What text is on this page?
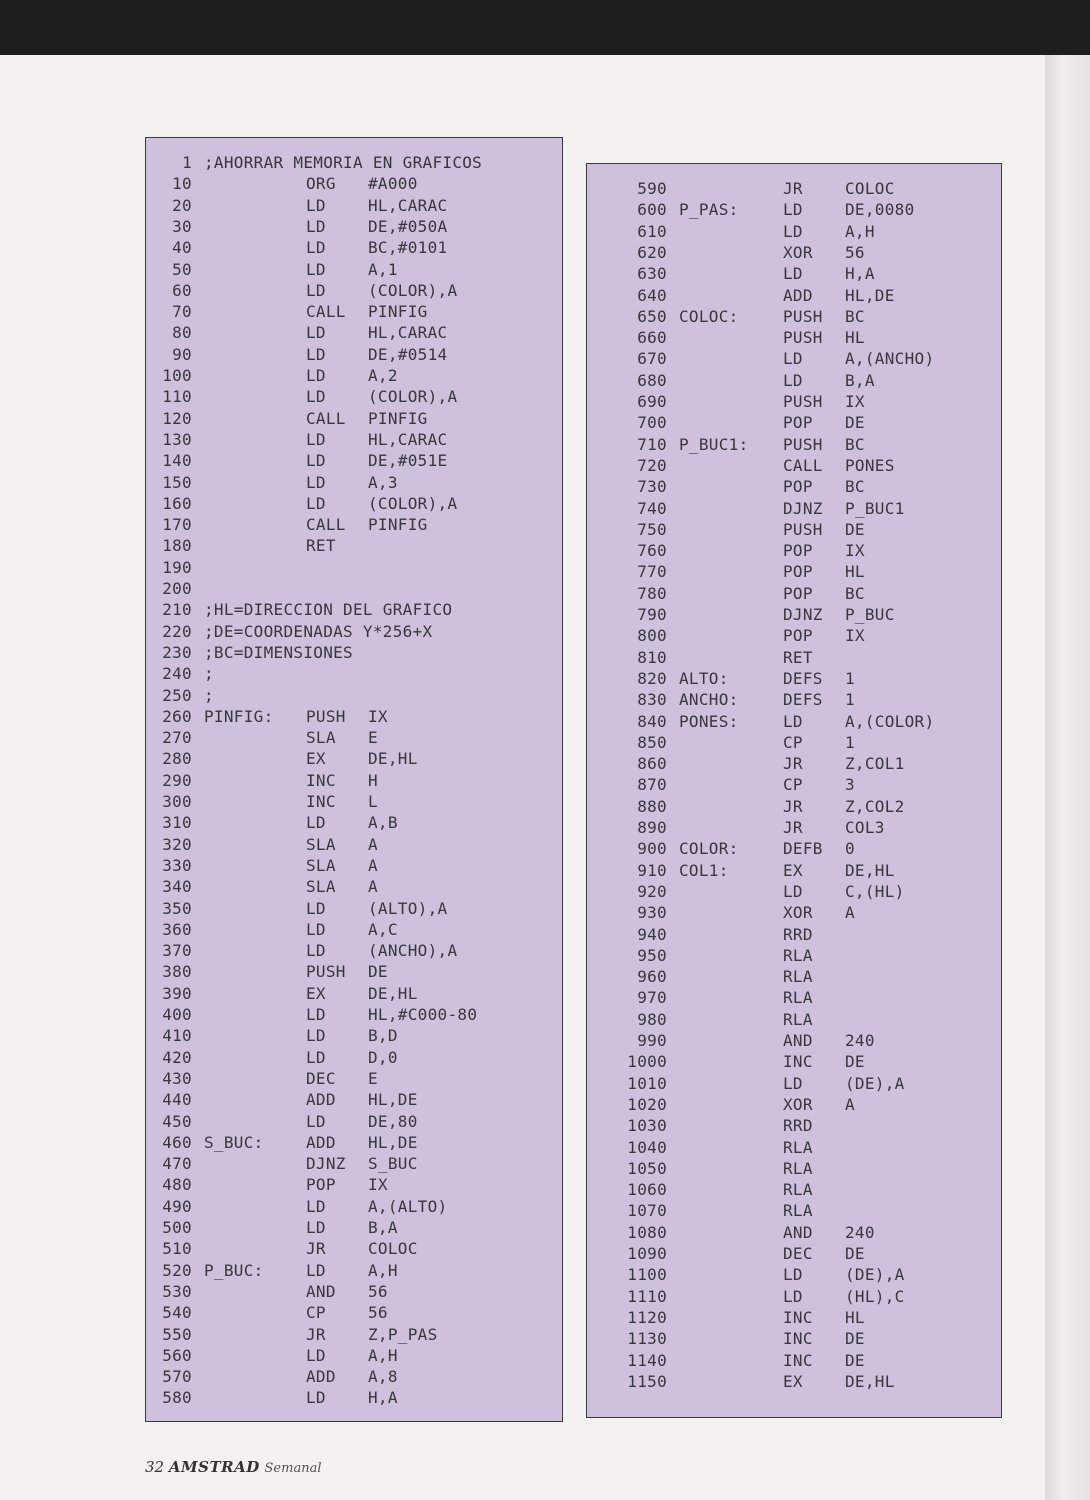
1 ;AHORRAR MEMORIA EN GRAFICOS
10	ORG #A000
20	LD	HL,CARAC
30	LD	DE,#050A
40	LD	BC,#0101
50	LD	A,1
60	LD	(COLOR),A
70	CALL PINFIG
80	LD	HL,CARAC
90	LD	DE,#0514
100	LD	A,2
110	LD	(COLOR),A
120	CALL PINFIG
130	LD	HL,CARAC
140	LD	DE,#051E
150	LD	A,3
160	LD	(COLOR),A
170	CALL PINFIG
180	RET
190
200
210 ;HL=DIRECCION DEL GRAFICO
220 ;DE=COORDENADAS Y*256+X
230 ;BC=DIMENSIONES
240 ;
250 ;
260 PINFIG: PUSH IX
270	SLA E
280	EX	DE,HL
290	INC H
300	INC L
310	LD	A,B
320	SLA A
330	SLA A
340	SLA A
350	LD	(ALTO),A
360	LD	A,C
370	LD	(ANCHO),A
380	PUSH DE
390	EX	DE,HL
400	LD	HL,#C000-80
410	LD	B,D
420	LD	D,0
430	DEC E
440	ADD HL,DE
450	LD	DE,80
460 S_BUC:	ADD HL,DE
470	DJNZ S_BUC
480	POP IX
490	LD	A,(ALTO)
500	LD	B,A
510	JR	COLOC
520 P_BUC:	LD	A,H
530	AND 56
540	CP	56
550	JR	Z,P_PAS
560	LD	A,H
570	ADD A,8
580	LD	H,A
590	JR	COLOC
600 P_PAS:	LD	DE,0080
610	LD	A,H
620	XOR 56
630	LD	H,A
640	ADD HL,DE
650 COLOC:	PUSH BC
660	PUSH HL
670	LD	A,(ANCHO)
680	LD	B,A
690	PUSH IX
700	POP DE
710 P_BUC1: PUSH BC
720	CALL PONES
730	POP BC
740	DJNZ P_BUC1
750	PUSH DE
760	POP IX
770	POP HL
780	POP BC
790	DJNZ P_BUC
800	POP IX
810	RET
820 ALTO:	DEFS 1
830 ANCHO:	DEFS 1
840 PONES:	LD	A,(COLOR)
850	CP	1
860	JR	Z,COL1
870	CP	3
880	JR	Z,COL2
890	JR	COL3
900 COLOR:	DEFB 0
910 COL1:	EX	DE,HL
920	LD	C,(HL)
930	XOR A
940	RRD
950	RLA
960	RLA
970	RLA
980	RLA
990	AND 240
1000	INC DE
1010	LD	(DE),A
1020	XOR A
1030	RRD
1040	RLA
1050	RLA
1060	RLA
1070	RLA
1080	AND 240
1090	DEC DE
1100	LD	(DE),A
1110	LD	(HL),C
1120	INC HL
1130	INC DE
1140	INC DE
1150	EX	DE,HL
32 AMSTRAD Semanal
